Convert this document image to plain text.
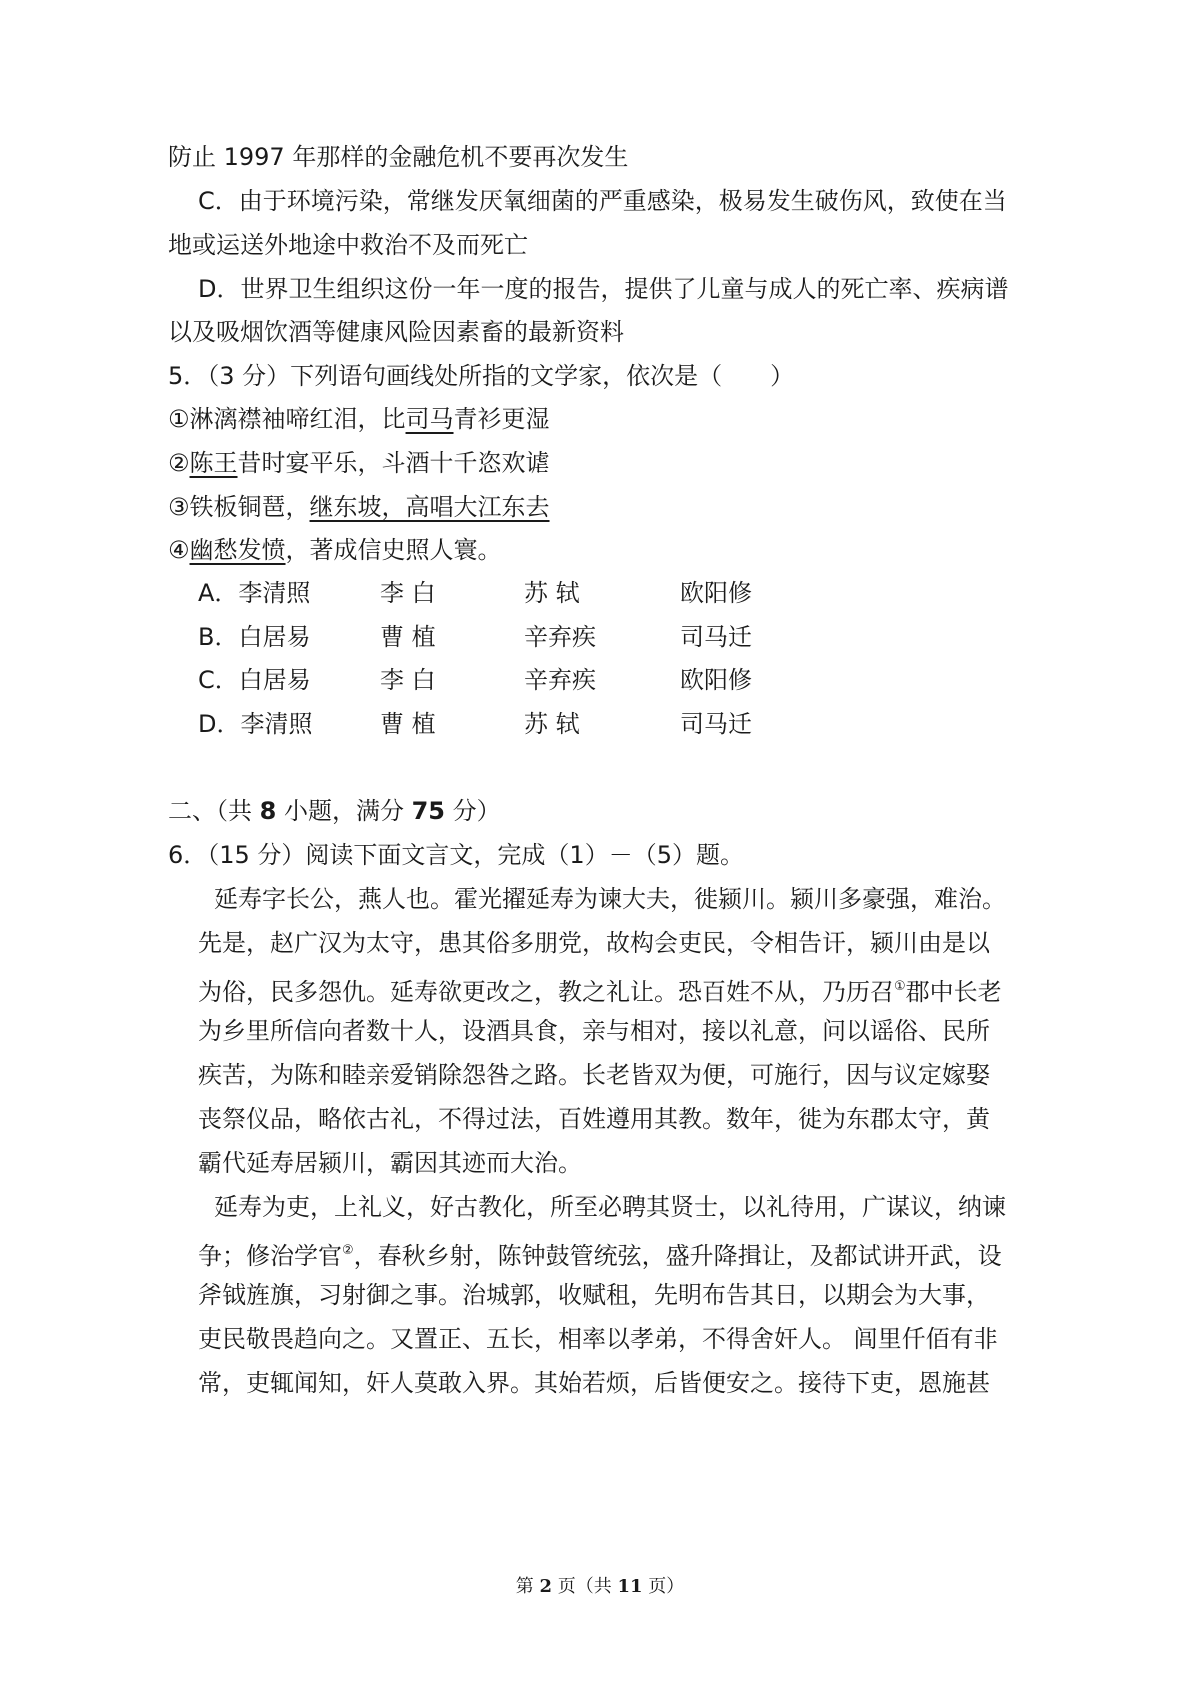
防止 1997 年那样的金融危机不要再次发生
C．由于环境污染，常继发厌氧细菌的严重感染，极易发生破伤风，致使在当
地或运送外地途中救治不及而死亡
D．世界卫生组织这份一年一度的报告，提供了儿童与成人的死亡率、疾病谱
以及吸烟饮酒等健康风险因素畜的最新资料
5．（3 分）下列语句画线处所指的文学家，依次是（　　）
①淋漓襟袖啼红泪，比司马青衫更湿
②陈王昔时宴平乐，斗酒十千恣欢谑
③铁板铜琶，继东坡，高唱大江东去
④幽愁发愤，著成信史照人寰。
A．李清照	李 白	苏 轼	欧阳修
B．白居易	曹 植	辛弃疾	司马迁
C．白居易	李 白	辛弃疾	欧阳修
D．李清照	曹 植	苏 轼	司马迁
二、（共 8 小题，满分 75 分）
6．（15 分）阅读下面文言文，完成（1）－（5）题。
延寿字长公，燕人也。霍光擢延寿为谏大夫，徙颍川。颍川多豪强，难治。
先是，赵广汉为太守，患其俗多朋党，故构会吏民，令相告讦，颍川由是以
为俗，民多怨仇。延寿欲更改之，教之礼让。恐百姓不从，乃历召①郡中长老
为乡里所信向者数十人，设酒具食，亲与相对，接以礼意，问以谣俗、民所
疾苦，为陈和睦亲爱销除怨咎之路。长老皆双为便，可施行，因与议定嫁娶
丧祭仪品，略依古礼，不得过法，百姓遵用其教。数年，徙为东郡太守，黄
霸代延寿居颍川，霸因其迹而大治。
延寿为吏，上礼义，好古教化，所至必聘其贤士，以礼待用，广谋议，纳谏
争；修治学官②，春秋乡射，陈钟鼓管统弦，盛升降揖让，及都试讲开武，设
斧钺旌旗，习射御之事。治城郭，收赋租，先明布告其日，以期会为大事，
吏民敬畏趋向之。又置正、五长，相率以孝弟，不得舍奸人。 闾里仟佰有非
常，吏辄闻知，奸人莫敢入界。其始若烦，后皆便安之。接待下吏，恩施甚
第 2 页（共 11 页）
